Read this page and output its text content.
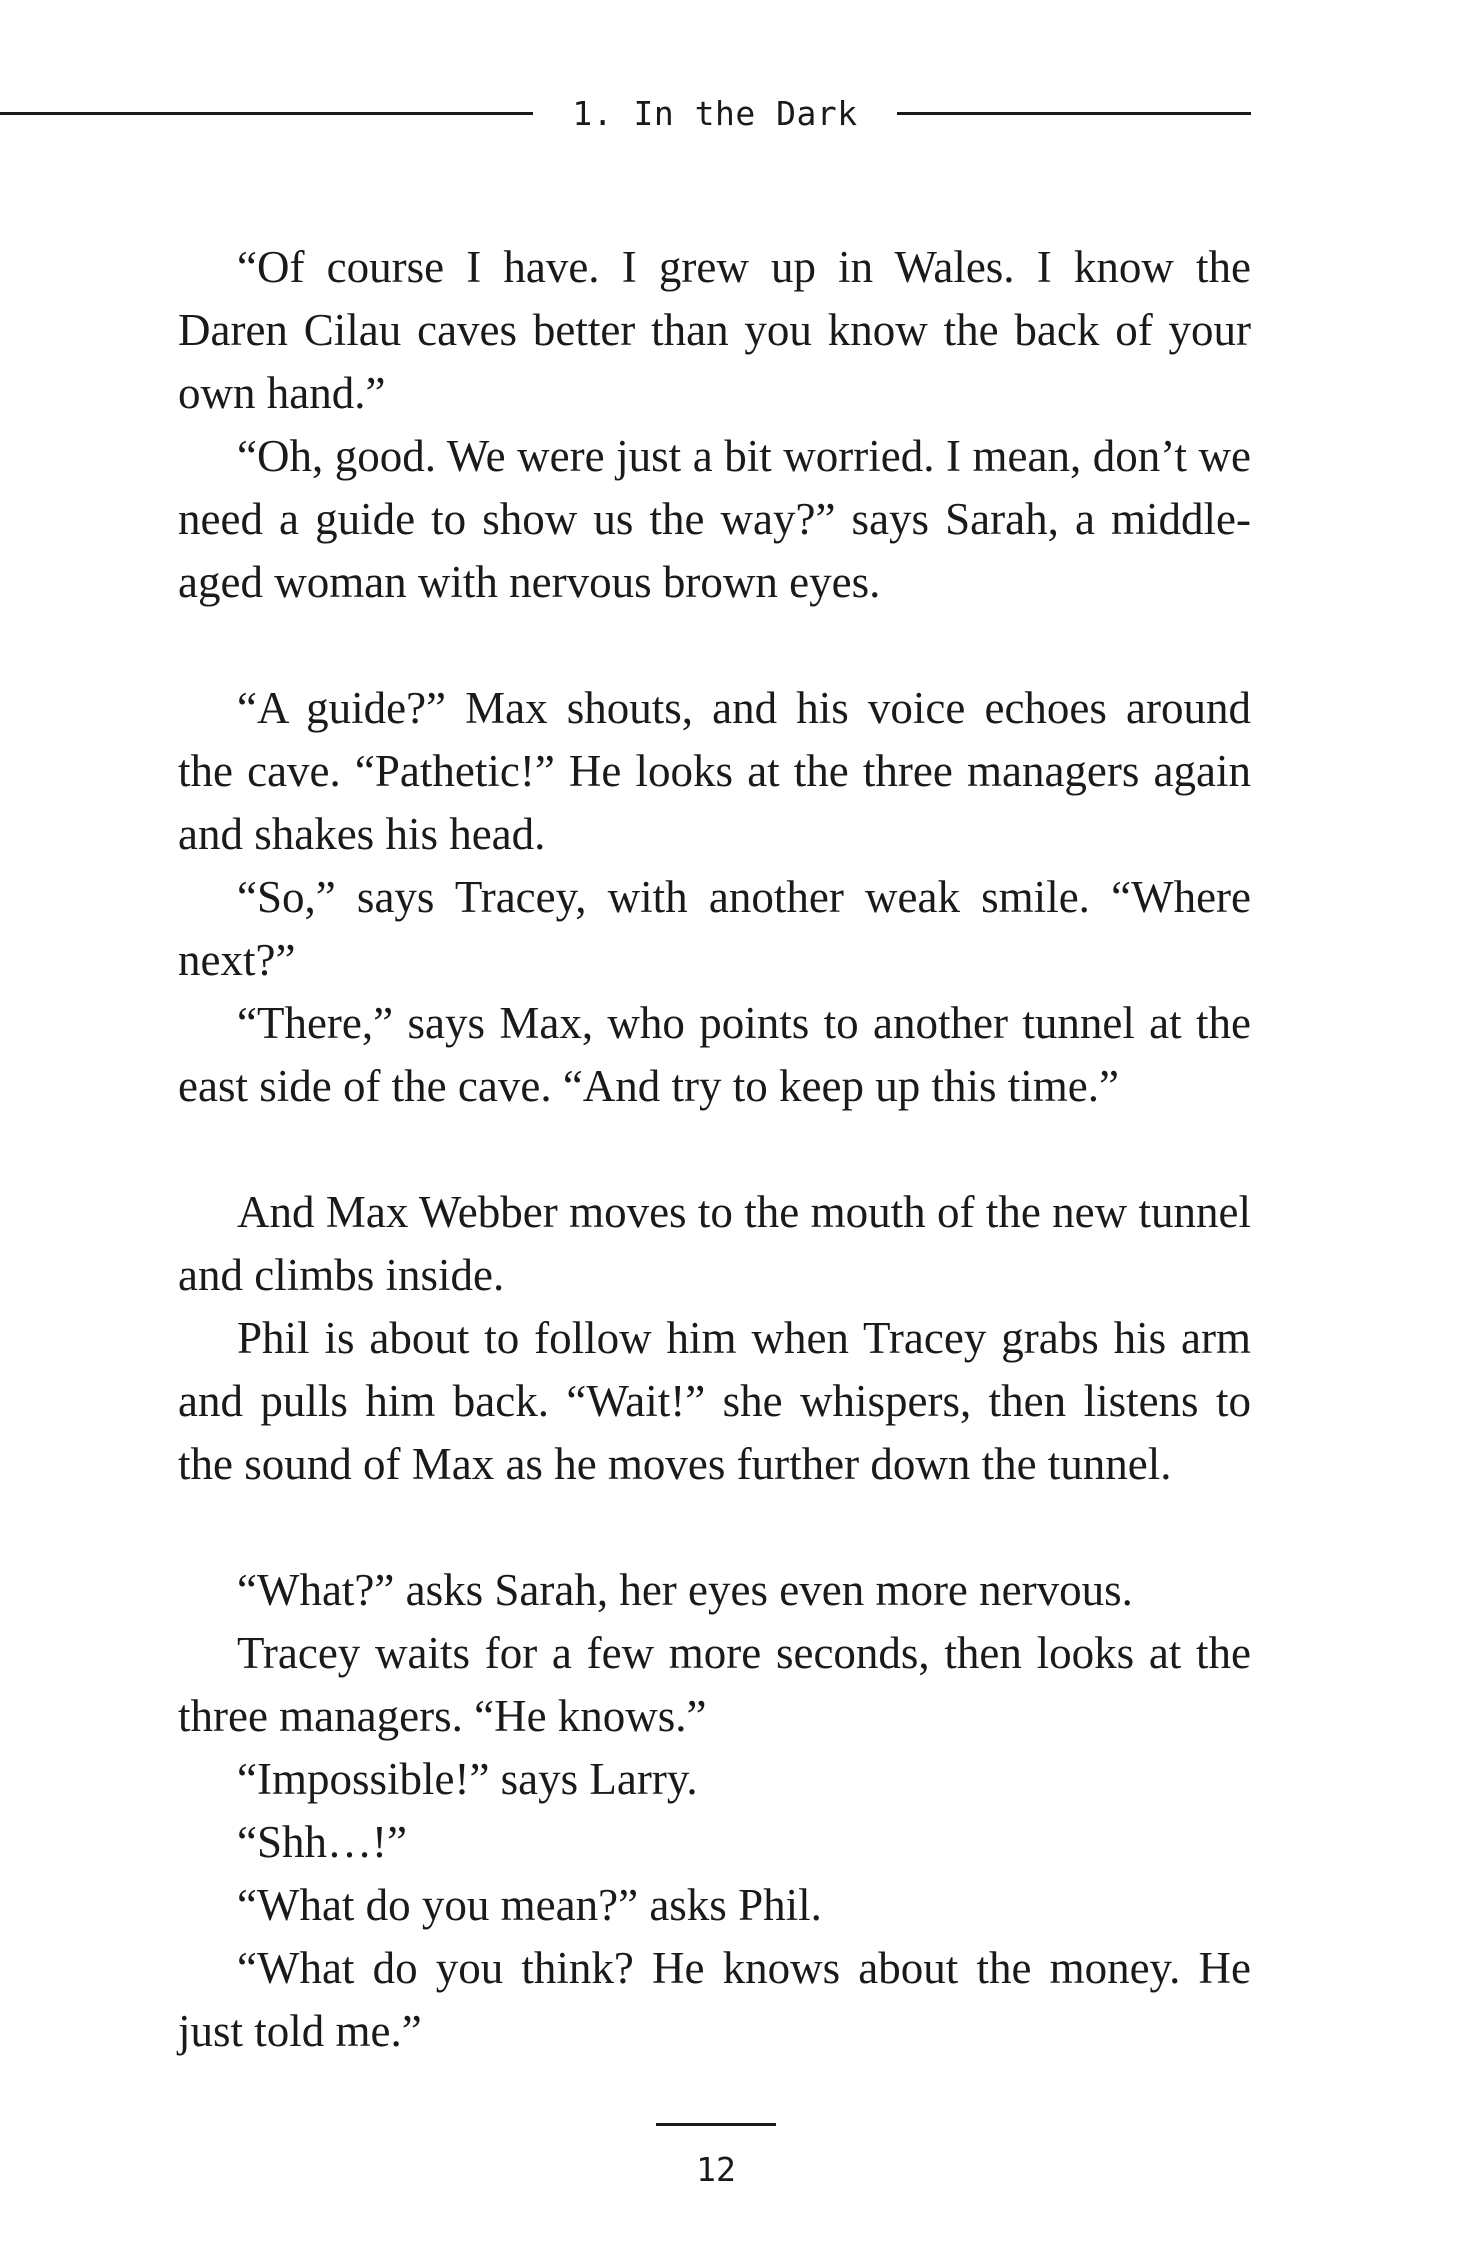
1. In the Dark

“Of course I have. I grew up in Wales. I know the Daren Cilau caves better than you know the back of your own hand.”

“Oh, good. We were just a bit worried. I mean, don’t we need a guide to show us the way?” says Sarah, a middle-aged woman with nervous brown eyes.

“A guide?” Max shouts, and his voice echoes around the cave. “Pathetic!” He looks at the three managers again and shakes his head.

“So,” says Tracey, with another weak smile. “Where next?”

“There,” says Max, who points to another tunnel at the east side of the cave. “And try to keep up this time.”

And Max Webber moves to the mouth of the new tunnel and climbs inside.

Phil is about to follow him when Tracey grabs his arm and pulls him back. “Wait!” she whispers, then listens to the sound of Max as he moves further down the tunnel.

“What?” asks Sarah, her eyes even more nervous.

Tracey waits for a few more seconds, then looks at the three managers. “He knows.”

“Impossible!” says Larry.

“Shh…!”

“What do you mean?” asks Phil.

“What do you think? He knows about the money. He just told me.”

12
